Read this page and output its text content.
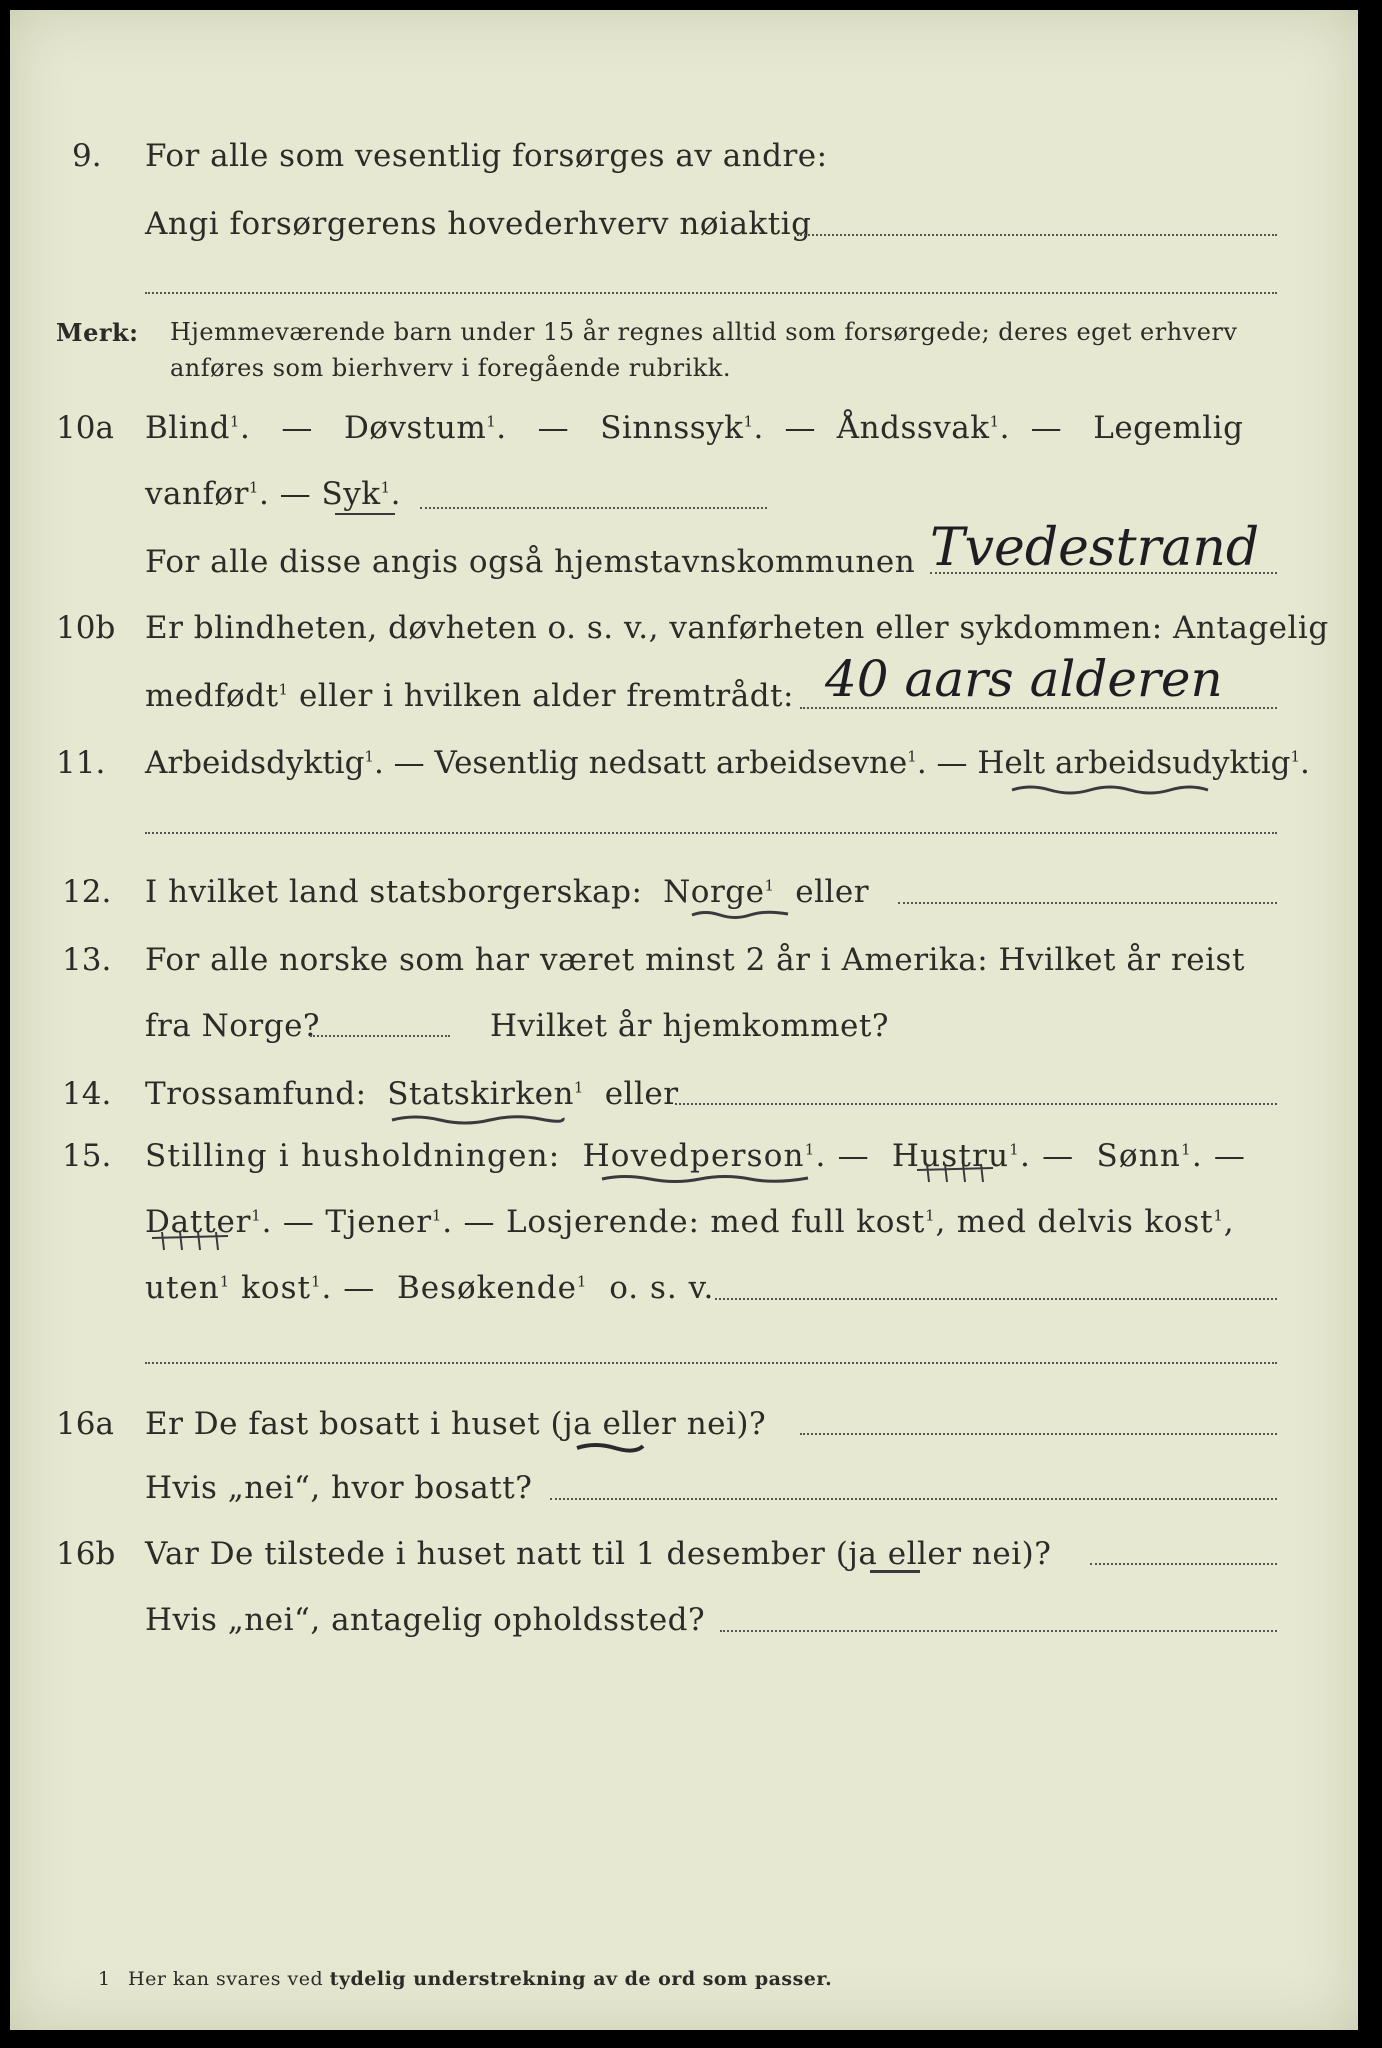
9. For alle som vesentlig forsørges av andre:
Angi forsørgerens hovederhverv nøiaktig
Merk: Hjemmeværende barn under 15 år regnes alltid som forsørgede; deres eget erhverv
anføres som bierhverv i foregående rubrikk.
10a Blind$^1$.   —   Døvstum$^1$.   —   Sinnssyk$^1$.  —  Åndssvak$^1$.  —   Legemlig
vanfør$^1$. — Syk$^1$.
For alle disse angis også hjemstavnskommunen Tvedestrand
10b Er blindheten, døvheten o. s. v., vanførheten eller sykdommen: Antagelig
medfødt$^1$ eller i hvilken alder fremtrådt: 40 aars alderen
11. Arbeidsdyktig$^1$. — Vesentlig nedsatt arbeidsevne$^1$. — Helt arbeidsudyktig$^1$.
12. I hvilket land statsborgerskap: Norge$^1$ eller
13. For alle norske som har været minst 2 år i Amerika: Hvilket år reist
fra Norge?	Hvilket år hjemkommet?
14. Trossamfund: Statskirken$^1$ eller
15. Stilling i husholdningen: Hovedperson$^1$. —  Hustru$^1$. —  Sønn$^1$. —
Datter$^1$. — Tjener$^1$. — Losjerende: med full kost$^1$, med delvis kost$^1$,
uten$^1$ kost$^1$. —  Besøkende$^1$ o. s. v.
16a Er De fast bosatt i huset (ja eller nei)?
Hvis „nei“, hvor bosatt?
16b Var De tilstede i huset natt til 1 desember (ja eller nei)?
Hvis „nei“, antagelig opholdssted?
1 Her kan svares ved tydelig understrekning av de ord som passer.
